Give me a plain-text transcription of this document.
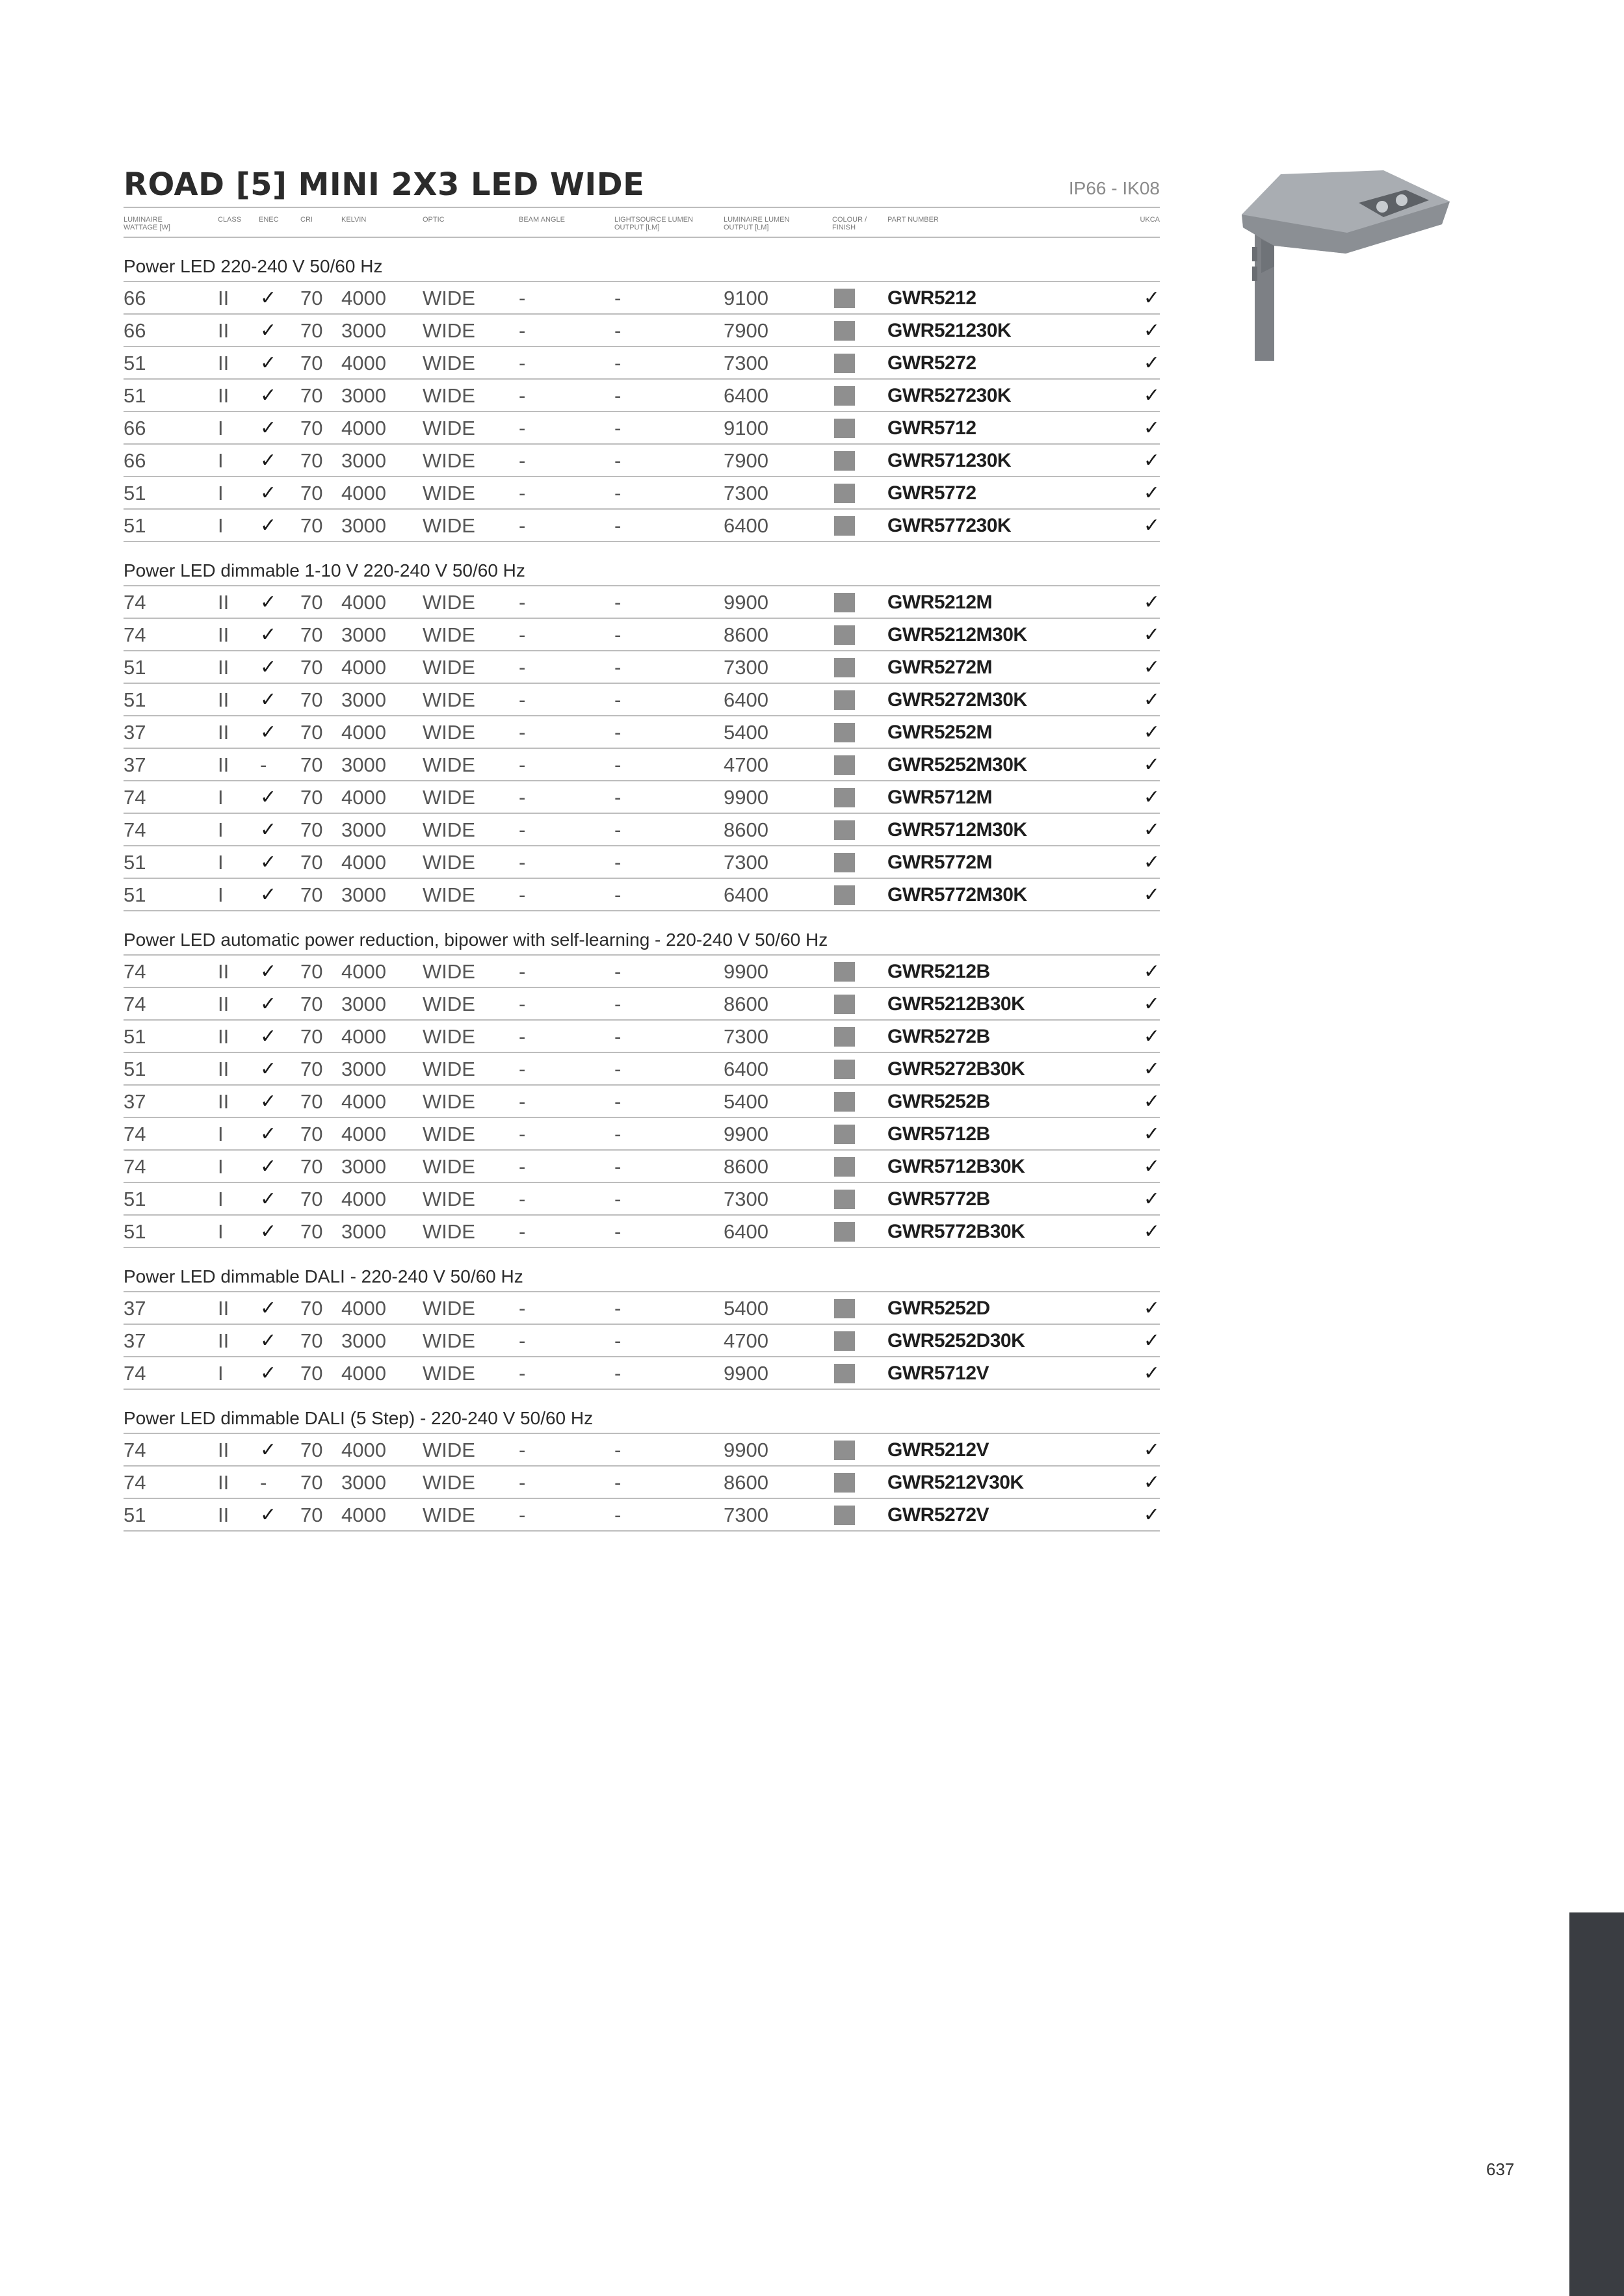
ROAD [5] MINI 2X3 LED WIDE	IP66 - IK08
LUMINAIRE WATTAGE [W]
CLASS ENEC	CRI	KELVIN	OPTIC	BEAM ANGLE	LIGHTSOURCE LUMEN OUTPUT [LM]
LUMINAIRE LUMEN OUTPUT [LM]
COLOUR / FINISH
PART NUMBER	UKCA
Power LED 220-240 V 50/60 Hz
66	II ✓ 70 4000 WIDE -	-	9100	GWR5212	✓
66	II ✓ 70 3000 WIDE -	-	7900	GWR521230K	✓
51	II ✓ 70 4000 WIDE -	-	7300	GWR5272	✓
51	II ✓ 70 3000 WIDE -	-	6400	GWR527230K	✓
66	I ✓ 70 4000 WIDE -	-	9100	GWR5712	✓
66	I ✓ 70 3000 WIDE -	-	7900	GWR571230K	✓
51	I ✓ 70 4000 WIDE -	-	7300	GWR5772	✓
51	I ✓ 70 3000 WIDE -	-	6400	GWR577230K	✓
Power LED dimmable 1-10 V 220-240 V 50/60 Hz
74	II ✓ 70 4000 WIDE -	-	9900	GWR5212M	✓
74	II ✓ 70 3000 WIDE -	-	8600	GWR5212M30K	✓
51	II ✓ 70 4000 WIDE -	-	7300	GWR5272M	✓
51	II ✓ 70 3000 WIDE -	-	6400	GWR5272M30K	✓
37	II ✓ 70 4000 WIDE -	-	5400	GWR5252M	✓
37	II - 70 3000 WIDE -	-	4700	GWR5252M30K	✓
74	I ✓ 70 4000 WIDE -	-	9900	GWR5712M	✓
74	I ✓ 70 3000 WIDE -	-	8600	GWR5712M30K	✓
51	I ✓ 70 4000 WIDE -	-	7300	GWR5772M	✓
51	I ✓ 70 3000 WIDE -	-	6400	GWR5772M30K	✓
Power LED automatic power reduction, bipower with self-learning - 220-240 V 50/60 Hz
74	II ✓ 70 4000 WIDE -	-	9900	GWR5212B	✓
74	II ✓ 70 3000 WIDE -	-	8600	GWR5212B30K	✓
51	II ✓ 70 4000 WIDE -	-	7300	GWR5272B	✓
51	II ✓ 70 3000 WIDE -	-	6400	GWR5272B30K	✓
37	II ✓ 70 4000 WIDE -	-	5400	GWR5252B	✓
74	I ✓ 70 4000 WIDE -	-	9900	GWR5712B	✓
74	I ✓ 70 3000 WIDE -	-	8600	GWR5712B30K	✓
51	I ✓ 70 4000 WIDE -	-	7300	GWR5772B	✓
51	I ✓ 70 3000 WIDE -	-	6400	GWR5772B30K	✓
Power LED dimmable DALI - 220-240 V 50/60 Hz
37	II ✓ 70 4000 WIDE -	-	5400	GWR5252D	✓
37	II ✓ 70 3000 WIDE -	-	4700	GWR5252D30K	✓
74	I ✓ 70 4000 WIDE -	-	9900	GWR5712V	✓
Power LED dimmable DALI (5 Step) - 220-240 V 50/60 Hz
74	II ✓ 70 4000 WIDE -	-	9900	GWR5212V	✓
74	II - 70 3000 WIDE -	-	8600	GWR5212V30K	✓
51	II ✓ 70 4000 WIDE -	-	7300	GWR5272V	✓
637
